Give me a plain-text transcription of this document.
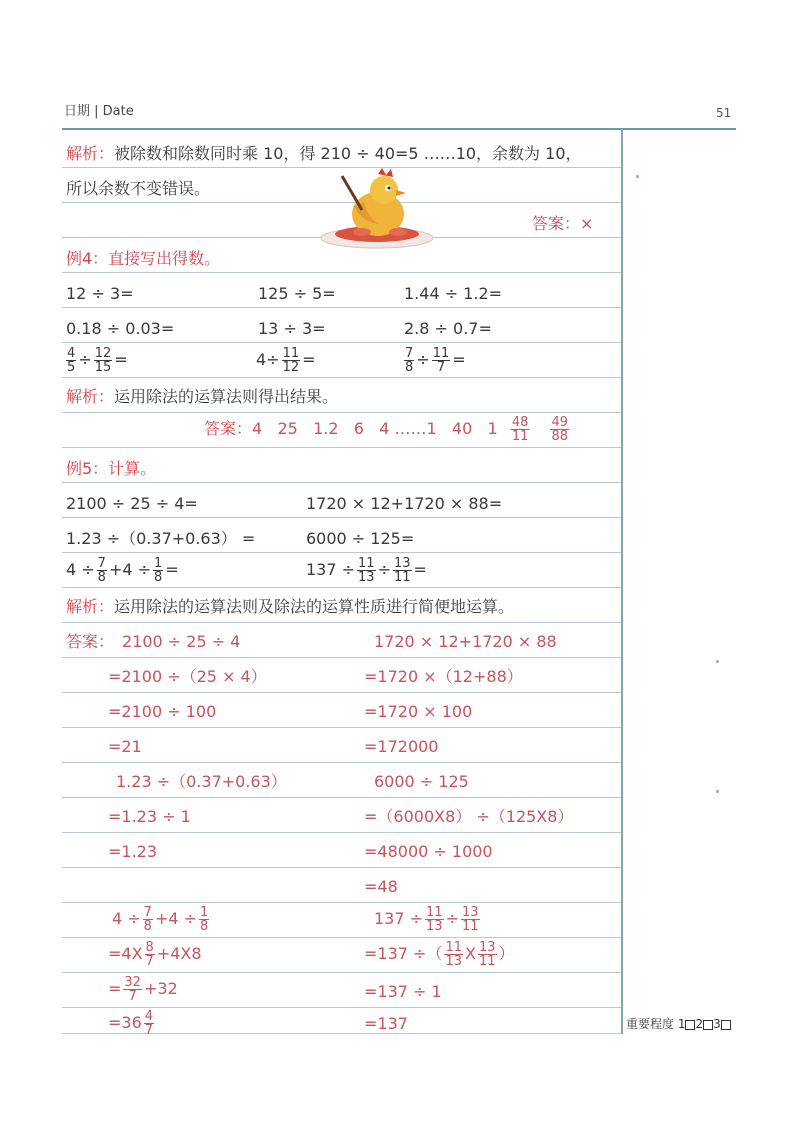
日期 | Date	51
解析：被除数和除数同时乘 10，得 210 ÷ 40=5 ……10，余数为 10，
所以余数不变错误。
答案：×
例4：直接写出得数。
12 ÷ 3=	125 ÷ 5=	1.44 ÷ 1.2=
0.18 ÷ 0.03=	13 ÷ 3=	2.8 ÷ 0.7=
$\frac{4}{5} \div \frac{12}{15}$ =	$4\div \frac{11}{12}$ =	$\frac{7}{8} \div \frac{11}{7}$ =
解析：运用除法的运算法则得出结果。
答案：4   25   1.2   6   4 ……1   40   $1 \frac{48}{11}$
$\frac{49}{88}$
例5：计算。
2100 ÷ 25 ÷ 4=	1720 × 12+1720 × 88=
1.23 ÷（0.37+0.63） =	6000 ÷ 125=
$4 \div \frac{7}{8} +4 \div \frac{1}{8}$ =	$137 \div \frac{11}{13} \div \frac{13}{11}$ =
解析：运用除法的运算法则及除法的运算性质进行简便地运算。
答案： 2100 ÷ 25 ÷ 4
=2100 ÷（25 × 4）
=2100 ÷ 100
=21
1.23 ÷（0.37+0.63）
=1.23 ÷ 1
=1.23
1720 × 12+1720 × 88
=1720 ×（12+88）
=1720 × 100
=172000
6000 ÷ 125
=（6000X8） ÷（125X8）
=48000 ÷ 1000
=48
$4 \div \frac{7}{8} +4 \div \frac{1}{8}$
$=4X \frac{8}{7} +4X8$
= $\frac{32}{7} +32$
$=36 \frac{4}{7}$
$137 \div \frac{11}{13} \div \frac{13}{11}$
=137 ÷（ $\frac{11}{13}$ X $\frac{13}{11}$ ）
=137 ÷ 1
=137	重要程度 1 2 3
